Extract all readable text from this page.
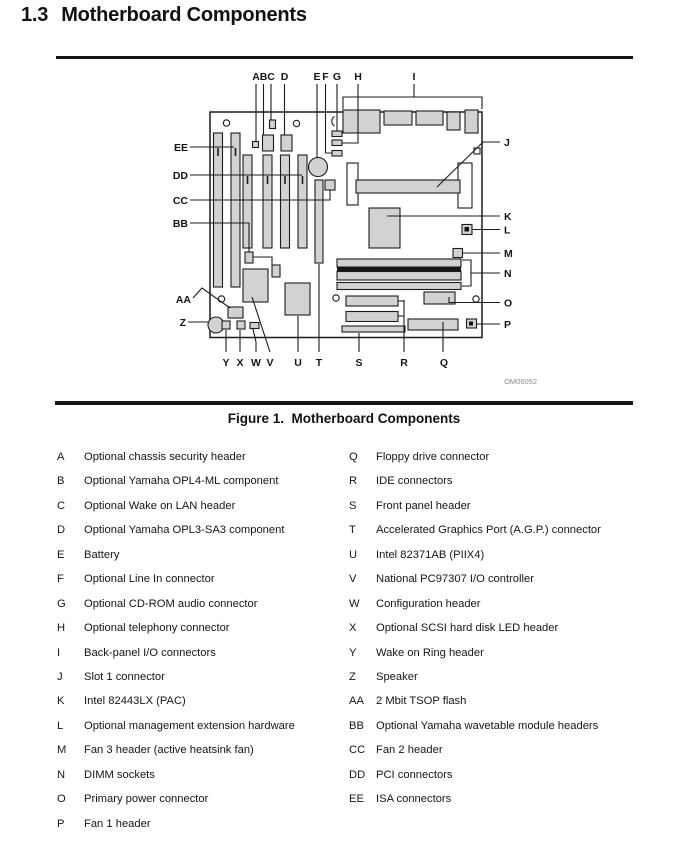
1.3 Motherboard Components
A B C D E F G H	I
J
K
L
M
N
O
P
Q
R
S
T
U
V
W
X
Y
Z
AA
BB
CC
DD
EE
OM06052
Figure 1.  Motherboard Components
A	Optional chassis security header
B	Optional Yamaha OPL4-ML component
C	Optional Wake on LAN header
D	Optional Yamaha OPL3-SA3 component
E	Battery
F	Optional Line In connector
G	Optional CD-ROM audio connector
H	Optional telephony connector
I	Back-panel I/O connectors
J	Slot 1 connector
K	Intel 82443LX (PAC)
L	Optional management extension hardware
M	Fan 3 header (active heatsink fan)
N	DIMM sockets
O	Primary power connector
P	Fan 1 header
Q	Floppy drive connector
R	IDE connectors
S	Front panel header
T	Accelerated Graphics Port (A.G.P.) connector
U	Intel 82371AB (PIIX4)
V	National PC97307 I/O controller
W	Configuration header
X	Optional SCSI hard disk LED header
Y	Wake on Ring header
Z	Speaker
AA	2 Mbit TSOP flash
BB	Optional Yamaha wavetable module headers
CC Fan 2 header
DD PCI connectors
EE	ISA connectors
